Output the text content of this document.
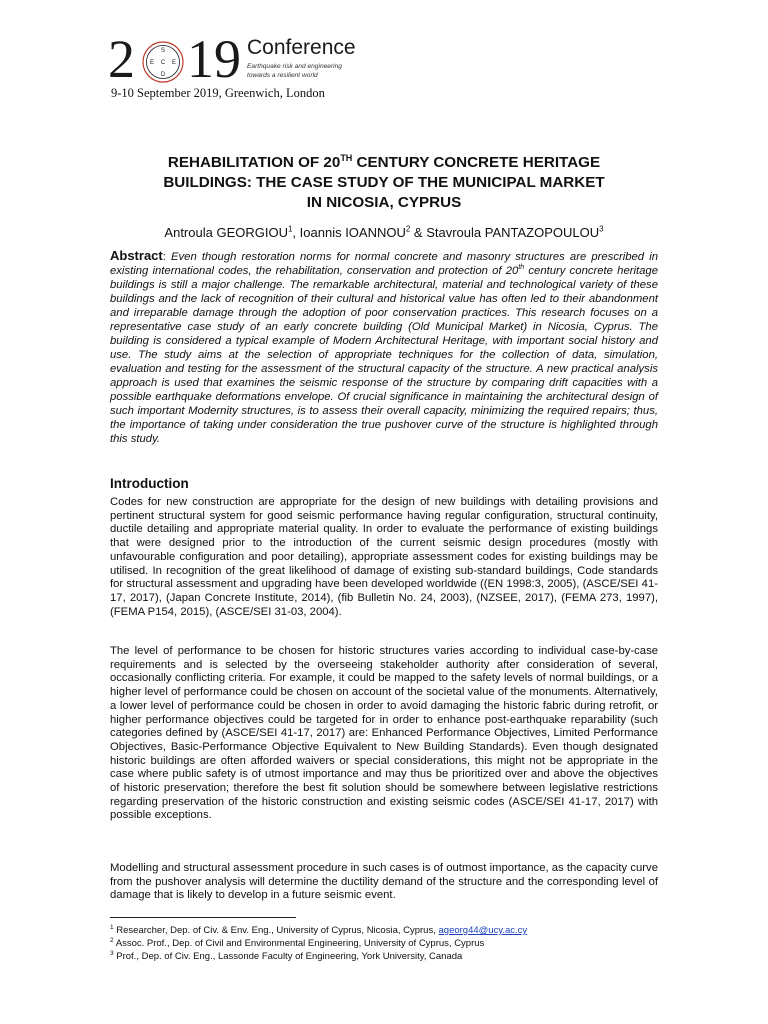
2	S
E C E
D 19 Conference
Earthquake risk and engineering
towards a resilient world
9-10 September 2019, Greenwich, London
REHABILITATION OF 20TH CENTURY CONCRETE HERITAGE
BUILDINGS: THE CASE STUDY OF THE MUNICIPAL MARKET
IN NICOSIA, CYPRUS
Antroula GEORGIOU$^1$, Ioannis IOANNOU$^2$ & Stavroula PANTAZOPOULOU$^3$
Abstract: Even though restoration norms for normal concrete and masonry structures are prescribed in existing international codes, the rehabilitation, conservation and protection of 20th century concrete heritage buildings is still a major challenge. The remarkable architectural, material and technological variety of these buildings and the lack of recognition of their cultural and historical value has often led to their abandonment and irreparable damage through the adoption of poor conservation practices. This research focuses on a representative case study of an early concrete building (Old Municipal Market) in Nicosia, Cyprus. The building is considered a typical example of Modern Architectural Heritage, with important social history and use. The study aims at the selection of appropriate techniques for the collection of data, simulation, evaluation and testing for the assessment of the structural capacity of the structure. A new practical analysis approach is used that examines the seismic response of the structure by comparing drift capacities with a possible earthquake deformations envelope. Of crucial significance in maintaining the architectural design of such important Modernity structures, is to assess their overall capacity, minimizing the required repairs; thus, the importance of taking under consideration the true pushover curve of the structure is highlighted through this study.
Introduction

Codes for new construction are appropriate for the design of new buildings with detailing provisions and pertinent structural system for good seismic performance having regular configuration, structural continuity, ductile detailing and appropriate material quality. In order to evaluate the performance of existing buildings that were designed prior to the introduction of the current seismic design procedures (mostly with unfavourable configuration and poor detailing), appropriate assessment codes for existing buildings may be utilised. In recognition of the great likelihood of damage of existing sub-standard buildings, Code standards for structural assessment and upgrading have been developed worldwide ((EN 1998:3, 2005), (ASCE/SEI 41-17, 2017), (Japan Concrete Institute, 2014), (fib Bulletin No. 24, 2003), (NZSEE, 2017), (FEMA 273, 1997), (FEMA P154, 2015), (ASCE/SEI 31-03, 2004).

The level of performance to be chosen for historic structures varies according to individual case-by-case requirements and is selected by the overseeing stakeholder authority after consideration of several, occasionally conflicting criteria. For example, it could be mapped to the safety levels of normal buildings, or a higher level of performance could be chosen on account of the societal value of the monuments. Alternatively, a lower level of performance could be chosen in order to avoid damaging the historic fabric during retrofit, or higher performance objectives could be targeted for in order to enhance post-earthquake reparability (such categories defined by (ASCE/SEI 41-17, 2017) are: Enhanced Performance Objectives, Limited Performance Objectives, Basic-Performance Objective Equivalent to New Building Standards). Even though designated historic buildings are often afforded waivers or special considerations, this might not be appropriate in the case where public safety is of utmost importance and may thus be prioritized over and above the objectives of historic preservation; therefore the best fit solution should be somewhere between legislative restrictions regarding preservation of the historic construction and existing seismic codes (ASCE/SEI 41-17, 2017) with possible exceptions.

Modelling and structural assessment procedure in such cases is of outmost importance, as the capacity curve from the pushover analysis will determine the ductility demand of the structure and the corresponding level of damage that is likely to develop in a future seismic event.

$^1$ Researcher, Dep. of Civ. & Env. Eng., University of Cyprus, Nicosia, Cyprus, ageorg44@ucy.ac.cy
$^2$ Assoc. Prof., Dep. of Civil and Environmental Engineering, University of Cyprus, Cyprus
$^3$ Prof., Dep. of Civ. Eng., Lassonde Faculty of Engineering, York University, Canada
